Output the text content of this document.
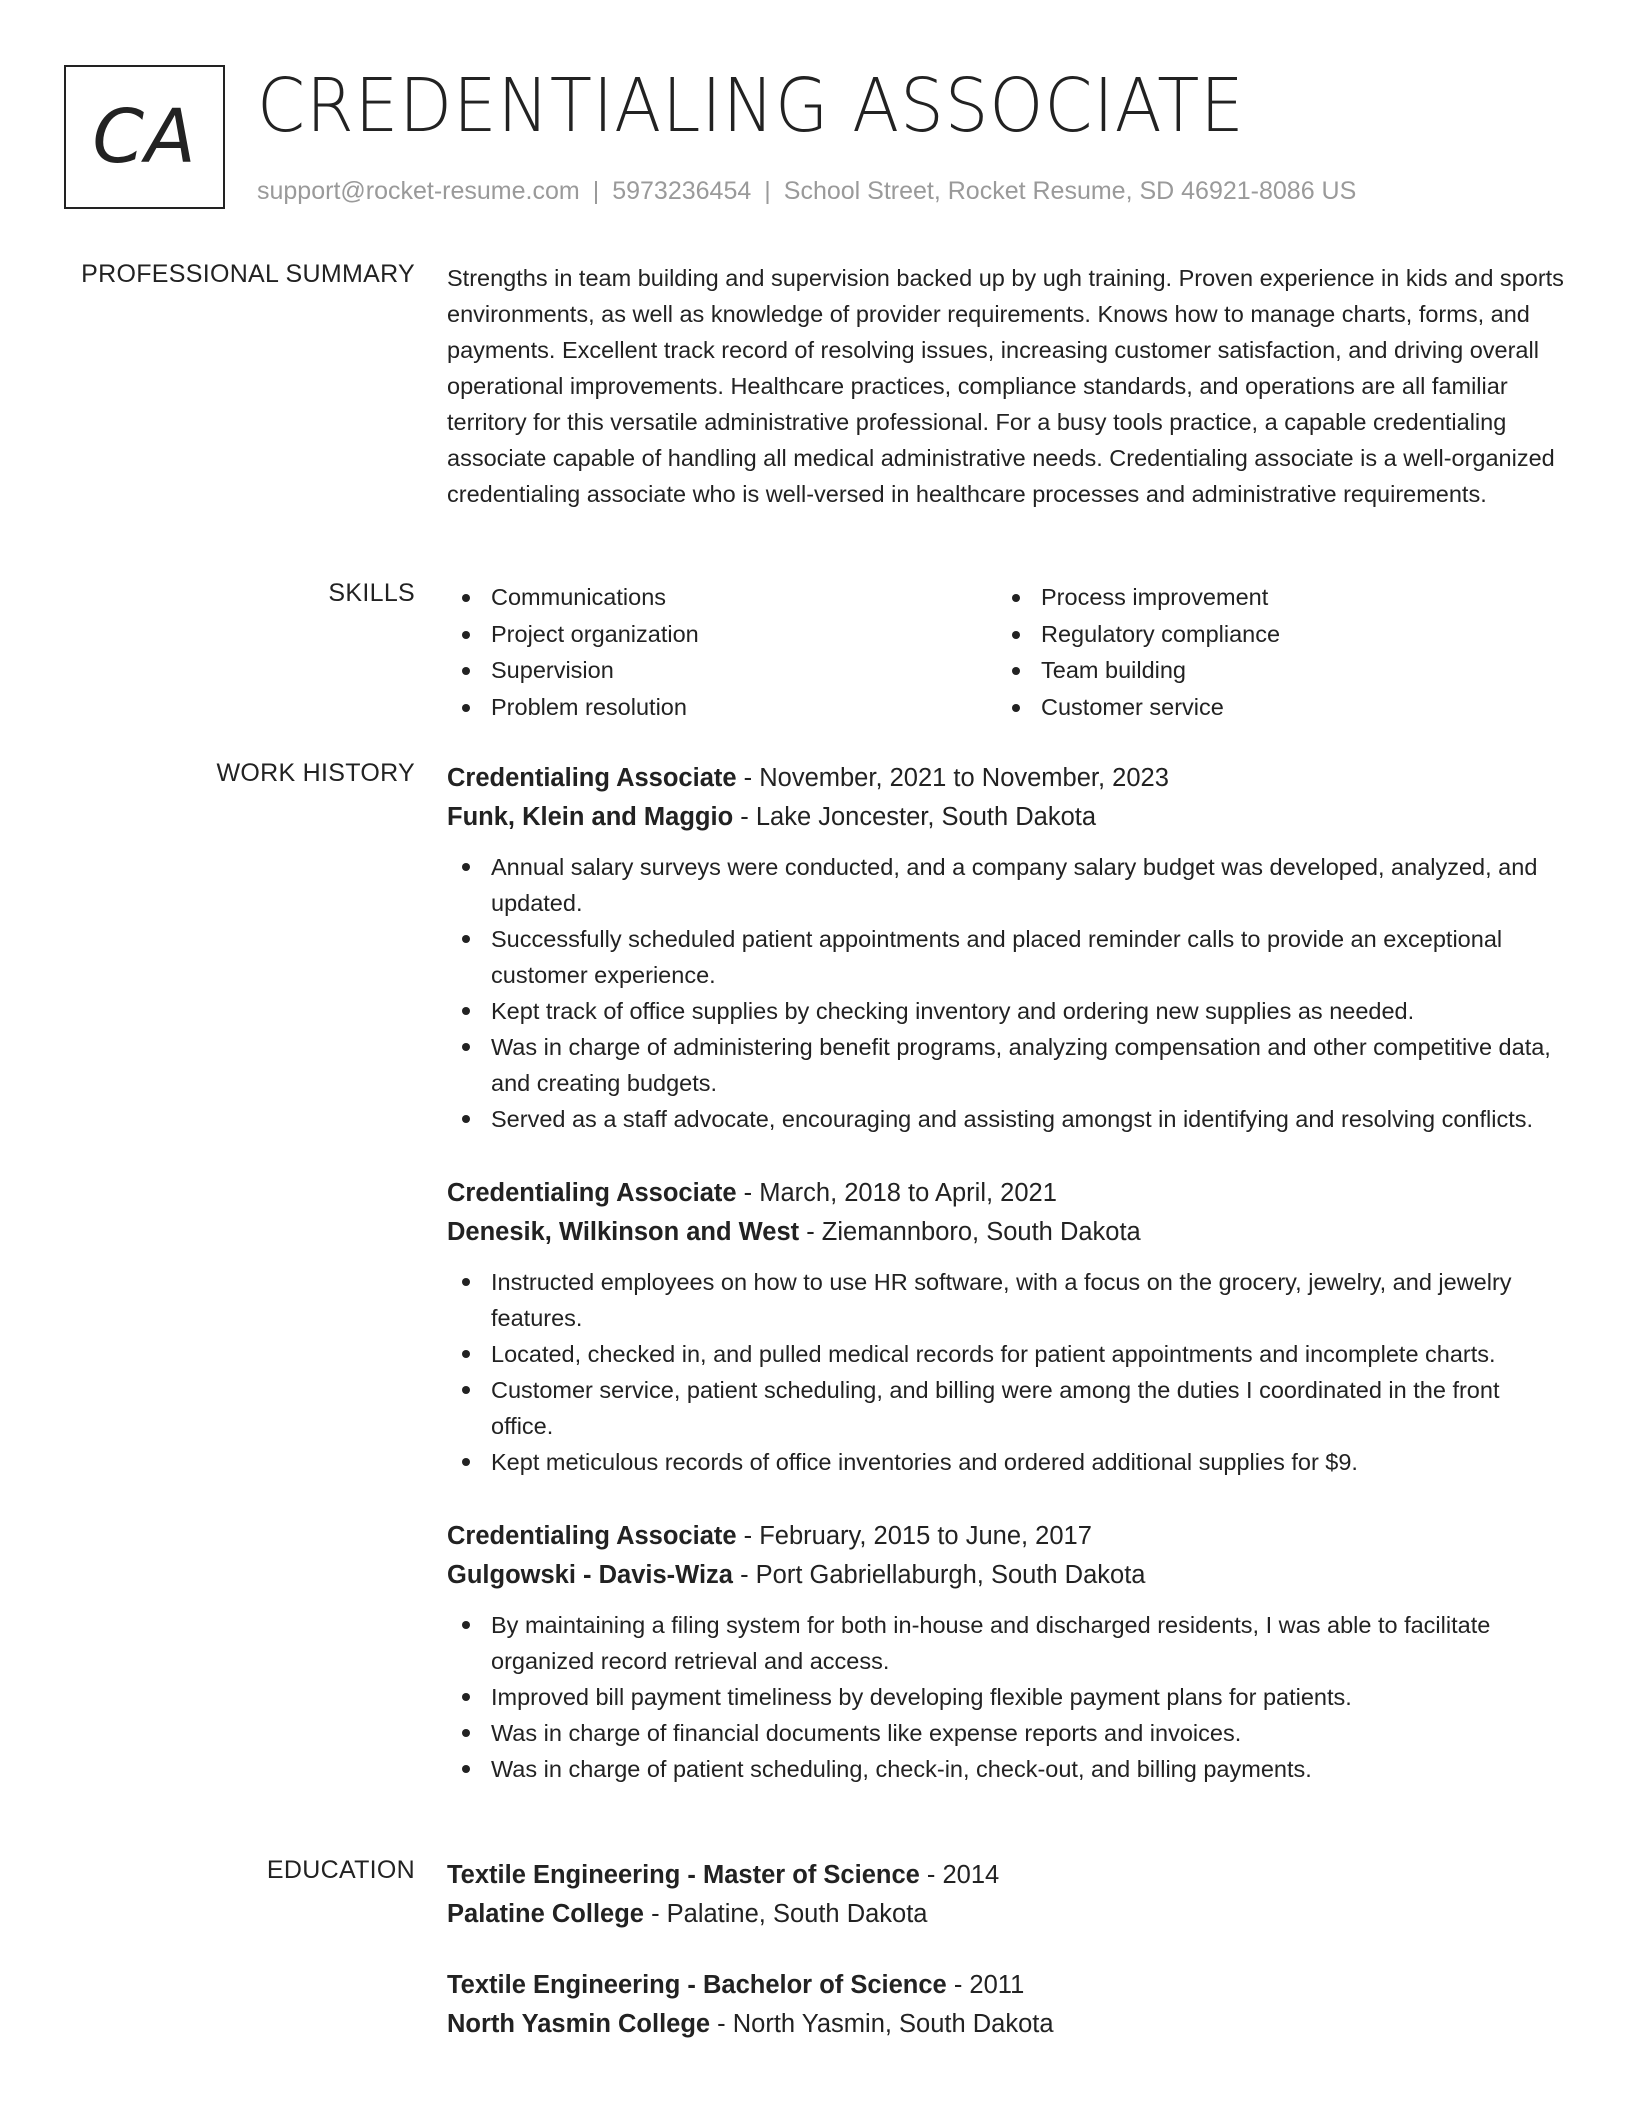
CA CREDENTIALING ASSOCIATE
support@rocket-resume.com | 5973236454 | School Street, Rocket Resume, SD 46921-8086 US
PROFESSIONAL SUMMARY Strengths in team building and supervision backed up by ugh training. Proven experience in kids and sports environments, as well as knowledge of provider requirements. Knows how to manage charts, forms, and payments. Excellent track record of resolving issues, increasing customer satisfaction, and driving overall operational improvements. Healthcare practices, compliance standards, and operations are all familiar territory for this versatile administrative professional. For a busy tools practice, a capable credentialing associate capable of handling all medical administrative needs. Credentialing associate is a well-organized credentialing associate who is well-versed in healthcare processes and administrative requirements.
SKILLS	Communications
Project organization
Supervision
Problem resolution
Process improvement
Regulatory compliance
Team building
Customer service
WORK HISTORY Credentialing Associate - November, 2021 to November, 2023
Funk, Klein and Maggio - Lake Joncester, South Dakota
Annual salary surveys were conducted, and a company salary budget was developed, analyzed, and updated.
Successfully scheduled patient appointments and placed reminder calls to provide an exceptional customer experience.
Kept track of office supplies by checking inventory and ordering new supplies as needed.
Was in charge of administering benefit programs, analyzing compensation and other competitive data, and creating budgets.
Served as a staff advocate, encouraging and assisting amongst in identifying and resolving conflicts.
Credentialing Associate - March, 2018 to April, 2021
Denesik, Wilkinson and West - Ziemannboro, South Dakota
Instructed employees on how to use HR software, with a focus on the grocery, jewelry, and jewelry features.
Located, checked in, and pulled medical records for patient appointments and incomplete charts.
Customer service, patient scheduling, and billing were among the duties I coordinated in the front office.
Kept meticulous records of office inventories and ordered additional supplies for $9.
Credentialing Associate - February, 2015 to June, 2017
Gulgowski - Davis-Wiza - Port Gabriellaburgh, South Dakota
By maintaining a filing system for both in-house and discharged residents, I was able to facilitate organized record retrieval and access.
Improved bill payment timeliness by developing flexible payment plans for patients.
Was in charge of financial documents like expense reports and invoices.
Was in charge of patient scheduling, check-in, check-out, and billing payments.
EDUCATION Textile Engineering - Master of Science - 2014
Palatine College - Palatine, South Dakota
Textile Engineering - Bachelor of Science - 2011
North Yasmin College - North Yasmin, South Dakota
